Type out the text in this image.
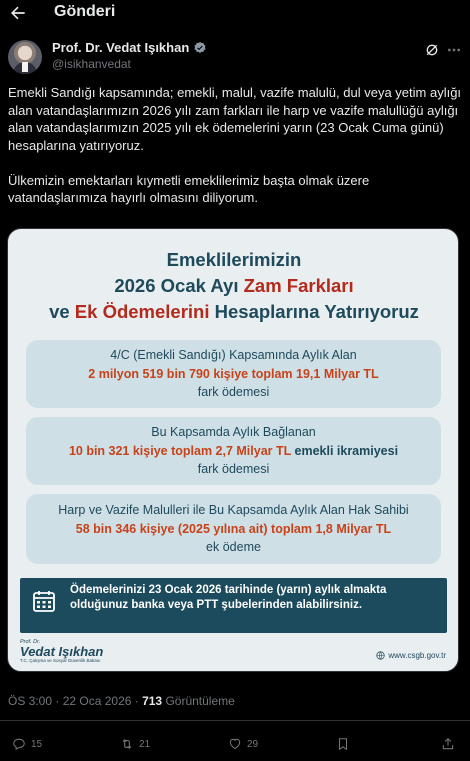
Gönderi
Prof. Dr. Vedat Işıkhan
@isikhanvedat

Emekli Sandığı kapsamında; emekli, malul, vazife malulü, dul veya yetim aylığı alan vatandaşlarımızın 2026 yılı zam farkları ile harp ve vazife malullüğü aylığı alan vatandaşlarımızın 2025 yılı ek ödemelerini yarın (23 Ocak Cuma günü) hesaplarına yatırıyoruz.

Ülkemizin emektarları kıymetli emeklilerimiz başta olmak üzere vatandaşlarımıza hayırlı olmasını diliyorum.

Emeklilerimizin
2026 Ocak Ayı Zam Farkları
ve Ek Ödemelerini Hesaplarına Yatırıyoruz
4/C (Emekli Sandığı) Kapsamında Aylık Alan
2 milyon 519 bin 790 kişiye toplam 19,1 Milyar TL
fark ödemesi
Bu Kapsamda Aylık Bağlanan
10 bin 321 kişiye toplam 2,7 Milyar TL emekli ikramiyesi
fark ödemesi
Harp ve Vazife Malulleri ile Bu Kapsamda Aylık Alan Hak Sahibi
58 bin 346 kişiye (2025 yılına ait) toplam 1,8 Milyar TL
ek ödeme
Ödemelerinizi 23 Ocak 2026 tarihinde (yarın) aylık almakta olduğunuz banka veya PTT şubelerinden alabilirsiniz.
Prof. Dr.
Vedat Işıkhan
T.C. Çalışma ve Sosyal Güvenlik Bakanı
www.csgb.gov.tr
ÖS 3:00 · 22 Oca 2026 · 713 Görüntüleme
15	21	29
